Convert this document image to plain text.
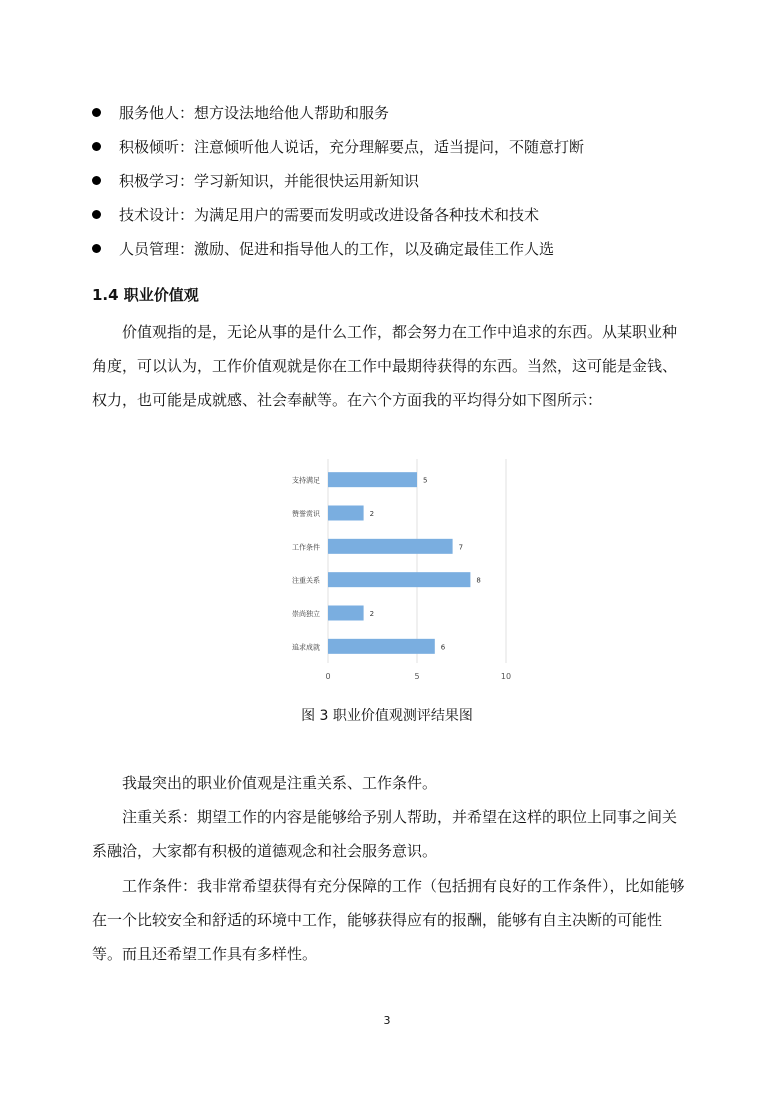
服务他人：想方设法地给他人帮助和服务
积极倾听：注意倾听他人说话，充分理解要点，适当提问，不随意打断
积极学习：学习新知识，并能很快运用新知识
技术设计：为满足用户的需要而发明或改进设备各种技术和技术
人员管理：激励、促进和指导他人的工作，以及确定最佳工作人选
1.4 职业价值观
价值观指的是，无论从事的是什么工作，都会努力在工作中追求的东西。从某职业种角度，可以认为，工作价值观就是你在工作中最期待获得的东西。当然，这可能是金钱、权力，也可能是成就感、社会奉献等。在六个方面我的平均得分如下图所示：
0	5	10
支持满足	5
赞誉赏识	2
工作条件	7
注重关系	8
崇尚独立	2
追求成就	6
图 3 职业价值观测评结果图
我最突出的职业价值观是注重关系、工作条件。
注重关系：期望工作的内容是能够给予别人帮助，并希望在这样的职位上同事之间关系融洽，大家都有积极的道德观念和社会服务意识。
工作条件：我非常希望获得有充分保障的工作（包括拥有良好的工作条件），比如能够在一个比较安全和舒适的环境中工作，能够获得应有的报酬，能够有自主决断的可能性等。而且还希望工作具有多样性。
3
